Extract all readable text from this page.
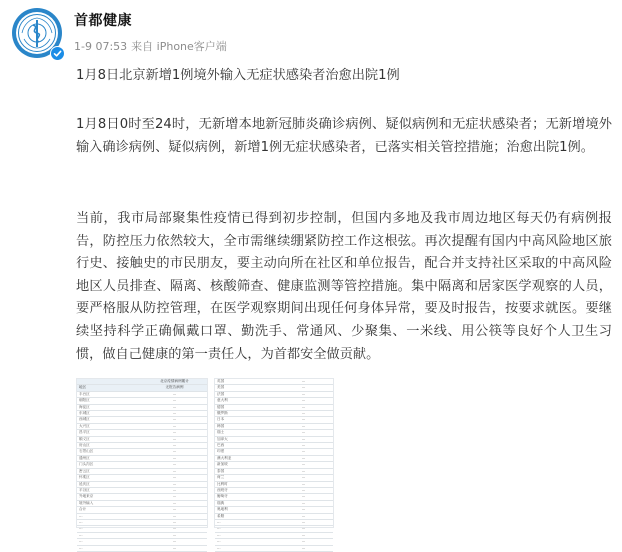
首都健康
1-9 07:53 来自 iPhone客户端
1月8日北京新增1例境外输入无症状感染者治愈出院1例

1月8日0时至24时，无新增本地新冠肺炎确诊病例、疑似病例和无症状感染者；无新增境外输入确诊病例、疑似病例，新增1例无症状感染者，已落实相关管控措施；治愈出院1例。

当前，我市局部聚集性疫情已得到初步控制，但国内多地及我市周边地区每天仍有病例报告，防控压力依然较大，全市需继续绷紧防控工作这根弦。再次提醒有国内中高风险地区旅行史、接触史的市民朋友，要主动向所在社区和单位报告，配合并支持社区采取的中高风险地区人员排查、隔离、核酸筛查、健康监测等管控措施。集中隔离和居家医学观察的人员，要严格服从防控管理，在医学观察期间出现任何身体异常，要及时报告，按要求就医。要继续坚持科学正确佩戴口罩、勤洗手、常通风、少聚集、一米线、用公筷等良好个人卫生习惯，做自己健康的第一责任人，为首都安全做贡献。

	北京疫情病例累计
地区	无报告病例
丰台区	…
朝阳区	…
海淀区	…
东城区	…
西城区	…
大兴区	…
昌平区	…
顺义区	…
房山区	…
石景山区	…
通州区	…
门头沟区	…
密云区	…
怀柔区	…
延庆区	…
平谷区	…
外地来京	…
境外输入	…
合计	…
…	…
…	…
…	…
…	…
…	…
…	…
英国	…
美国	…
法国	…
意大利	…
德国	…
俄罗斯	…
日本	…
韩国	…
瑞士	…
加拿大	…
巴西	…
印度	…
澳大利亚	…
新加坡	…
泰国	…
荷兰	…
比利时	…
西班牙	…
葡萄牙	…
瑞典	…
奥地利	…
希腊	…
…	…
…	…
…	…
…	…
…	…
